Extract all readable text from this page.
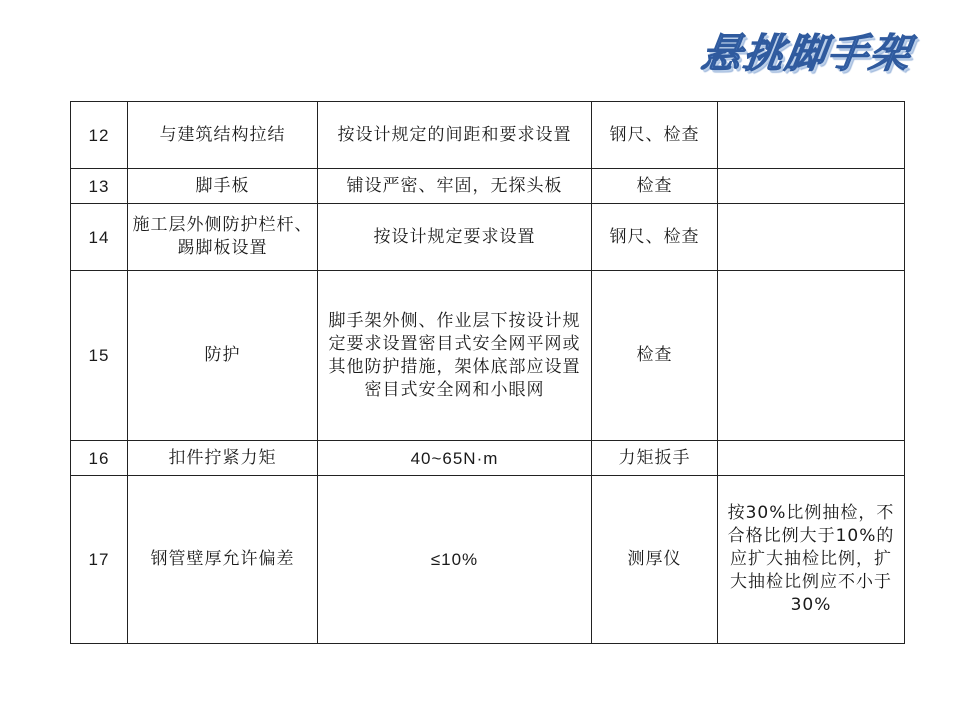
悬挑脚手架
12	与建筑结构拉结	按设计规定的间距和要求设置	钢尺、检查	
13	脚手板	铺设严密、牢固，无探头板	检查	
14	施工层外侧防护栏杆、踢脚板设置	按设计规定要求设置	钢尺、检查	
15	防护	脚手架外侧、作业层下按设计规定要求设置密目式安全网平网或其他防护措施，架体底部应设置密目式安全网和小眼网	检查	
16	扣件拧紧力矩	40~65N·m	力矩扳手	
17	钢管壁厚允许偏差	≤10%	测厚仪	按30%比例抽检，不合格比例大于10%的应扩大抽检比例，扩大抽检比例应不小于30%
